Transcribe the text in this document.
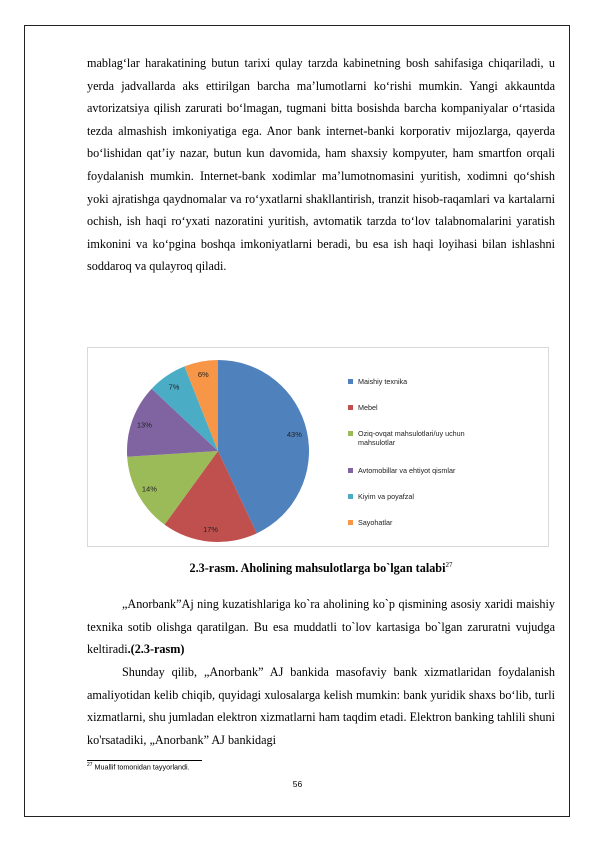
mablag‘lar harakatining butun tarixi qulay tarzda kabinetning bosh sahifasiga chiqariladi, u yerda jadvallarda aks ettirilgan barcha ma’lumotlarni ko‘rishi mumkin. Yangi akkauntda avtorizatsiya qilish zarurati bo‘lmagan, tugmani bitta bosishda barcha kompaniyalar o‘rtasida tezda almashish imkoniyatiga ega. Anor bank internet-banki korporativ mijozlarga, qayerda bo‘lishidan qat’iy nazar, butun kun davomida, ham shaxsiy kompyuter, ham smartfon orqali foydalanish mumkin. Internet-bank xodimlar ma’lumotnomasini yuritish, xodimni qo‘shish yoki ajratishga qaydnomalar va ro‘yxatlarni shakllantirish, tranzit hisob-raqamlari va kartalarni ochish, ish haqi ro‘yxati nazoratini yuritish, avtomatik tarzda to‘lov talabnomalarini yaratish imkonini va ko‘pgina boshqa imkoniyatlarni beradi, bu esa ish haqi loyihasi bilan ishlashni soddaroq va qulayroq qiladi.
43%
17%
14%
13%
7%
6%
Maishiy texnika
Mebel
Oziq-ovqat mahsulotlari/uy uchun mahsulotlar
Avtomobillar va ehtiyot qismlar
Kiyim va poyafzal
Sayohatlar
2.3-rasm. Aholining mahsulotlarga bo`lgan talabi$^{27}$
„Anorbank”Aj ning kuzatishlariga ko`ra aholining ko`p qismining asosiy xaridi maishiy texnika sotib olishga qaratilgan. Bu esa muddatli to`lov kartasiga bo`lgan zaruratni vujudga keltiradi.(2.3-rasm)
Shunday qilib, „Anorbank” AJ bankida masofaviy bank xizmatlaridan foydalanish amaliyotidan kelib chiqib, quyidagi xulosalarga kelish mumkin: bank yuridik shaxs bo‘lib, turli xizmatlarni, shu jumladan elektron xizmatlarni ham taqdim etadi. Elektron banking tahlili shuni ko'rsatadiki, „Anorbank” AJ bankidagi
$^{27}$ Muallif tomonidan tayyorlandi.
56
